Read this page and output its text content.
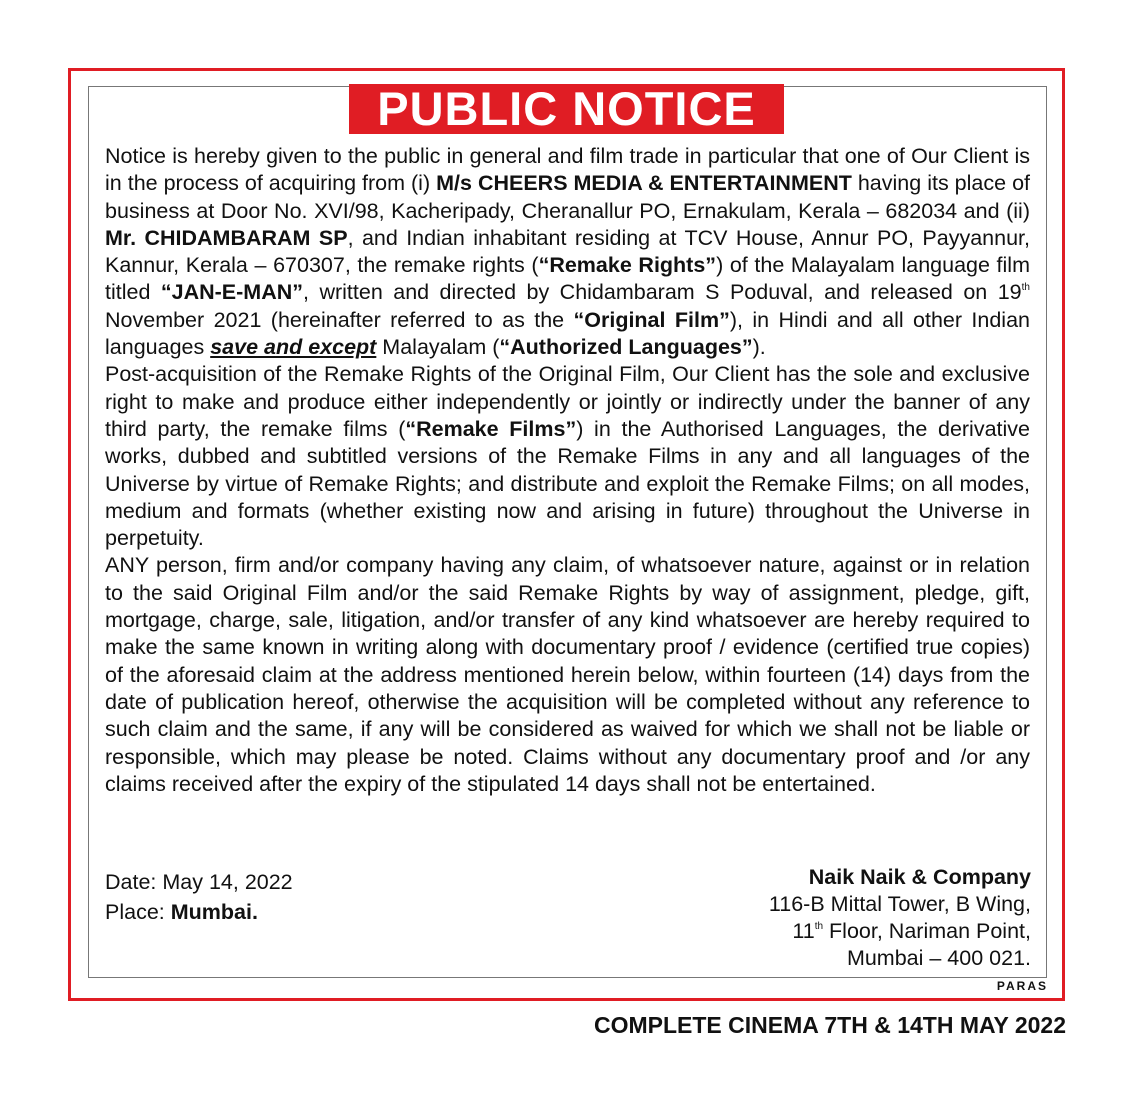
PUBLIC NOTICE

Notice is hereby given to the public in general and film trade in particular that one of Our Client is in the process of acquiring from (i) M/s CHEERS MEDIA & ENTERTAINMENT having its place of business at Door No. XVI/98, Kacheripady, Cheranallur PO, Ernakulam, Kerala – 682034 and (ii) Mr. CHIDAMBARAM SP, and Indian inhabitant residing at TCV House, Annur PO, Payyannur, Kannur, Kerala – 670307, the remake rights (“Remake Rights”) of the Malayalam language film titled “JAN-E-MAN”, written and directed by Chidambaram S Poduval, and released on 19th November 2021 (hereinafter referred to as the “Original Film”), in Hindi and all other Indian languages save and except Malayalam (“Authorized Languages”).

Post-acquisition of the Remake Rights of the Original Film, Our Client has the sole and exclusive right to make and produce either independently or jointly or indirectly under the banner of any third party, the remake films (“Remake Films”) in the Authorised Languages, the derivative works, dubbed and subtitled versions of the Remake Films in any and all languages of the Universe by virtue of Remake Rights; and distribute and exploit the Remake Films; on all modes, medium and formats (whether existing now and arising in future) throughout the Universe in perpetuity.

ANY person, firm and/or company having any claim, of whatsoever nature, against or in relation to the said Original Film and/or the said Remake Rights by way of assignment, pledge, gift, mortgage, charge, sale, litigation, and/or transfer of any kind whatsoever are hereby required to make the same known in writing along with documentary proof / evidence (certified true copies) of the aforesaid claim at the address mentioned herein below, within fourteen (14) days from the date of publication hereof, otherwise the acquisition will be completed without any reference to such claim and the same, if any will be considered as waived for which we shall not be liable or responsible, which may please be noted. Claims without any documentary proof and /or any claims received after the expiry of the stipulated 14 days shall not be entertained.

Date: May 14, 2022
Place: Mumbai.
Naik Naik & Company
116-B Mittal Tower, B Wing,
11th Floor, Nariman Point,
Mumbai – 400 021.
PARAS
COMPLETE CINEMA 7TH & 14TH MAY 2022
